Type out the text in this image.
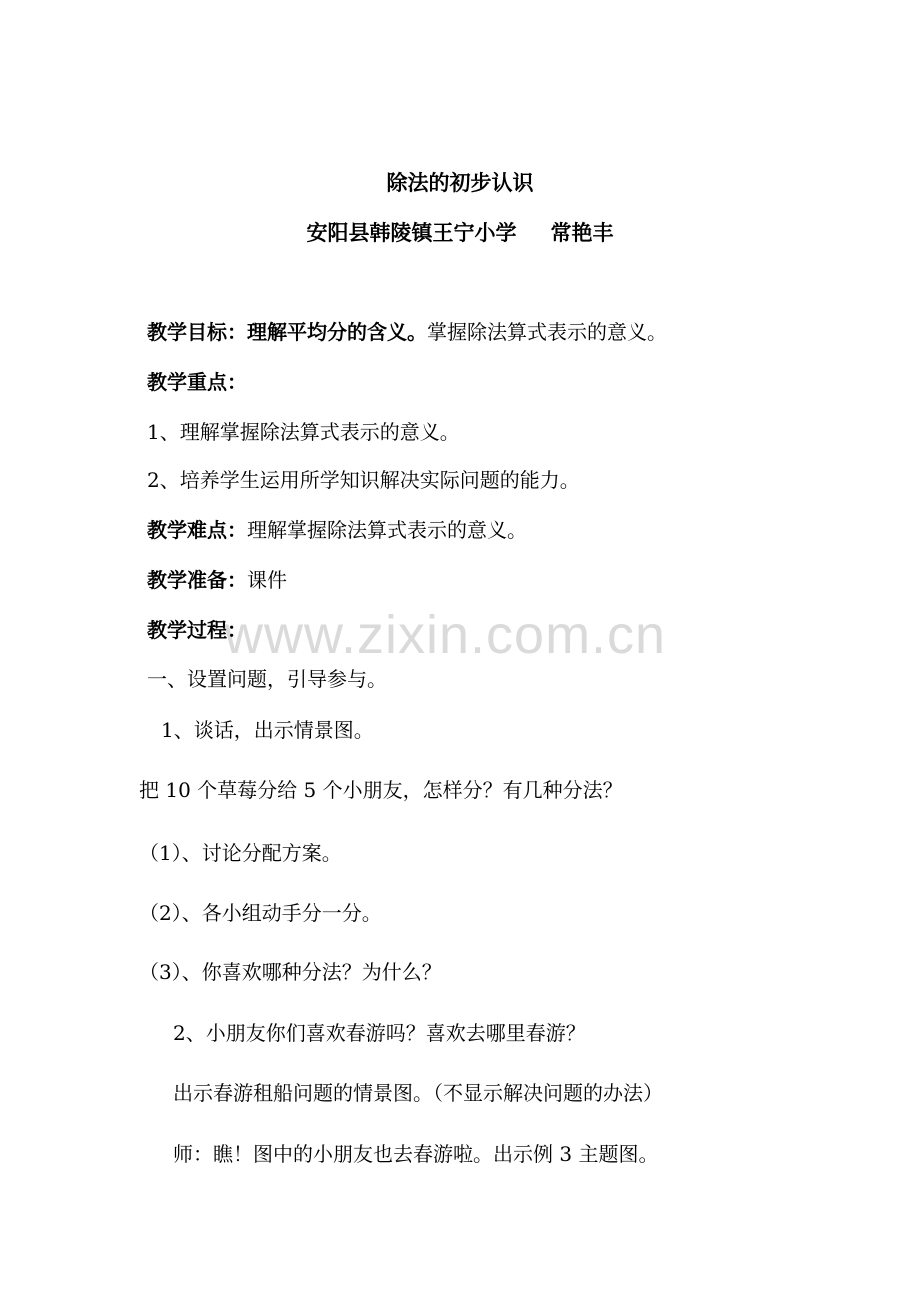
除法的初步认识
安阳县韩陵镇王宁小学 常艳丰
教学目标：理解平均分的含义。掌握除法算式表示的意义。
教学重点：
1、理解掌握除法算式表示的意义。
2、培养学生运用所学知识解决实际问题的能力。
教学难点：理解掌握除法算式表示的意义。
教学准备：课件
www.zixin.com.cn
教学过程：
一、设置问题，引导参与。
1、谈话，出示情景图。
把 10 个草莓分给 5 个小朋友，怎样分？有几种分法？
（1）、讨论分配方案。
（2）、各小组动手分一分。
（3）、你喜欢哪种分法？为什么？
2、小朋友你们喜欢春游吗？喜欢去哪里春游？
出示春游租船问题的情景图。（不显示解决问题的办法）
师：瞧！图中的小朋友也去春游啦。出示例 3 主题图。
